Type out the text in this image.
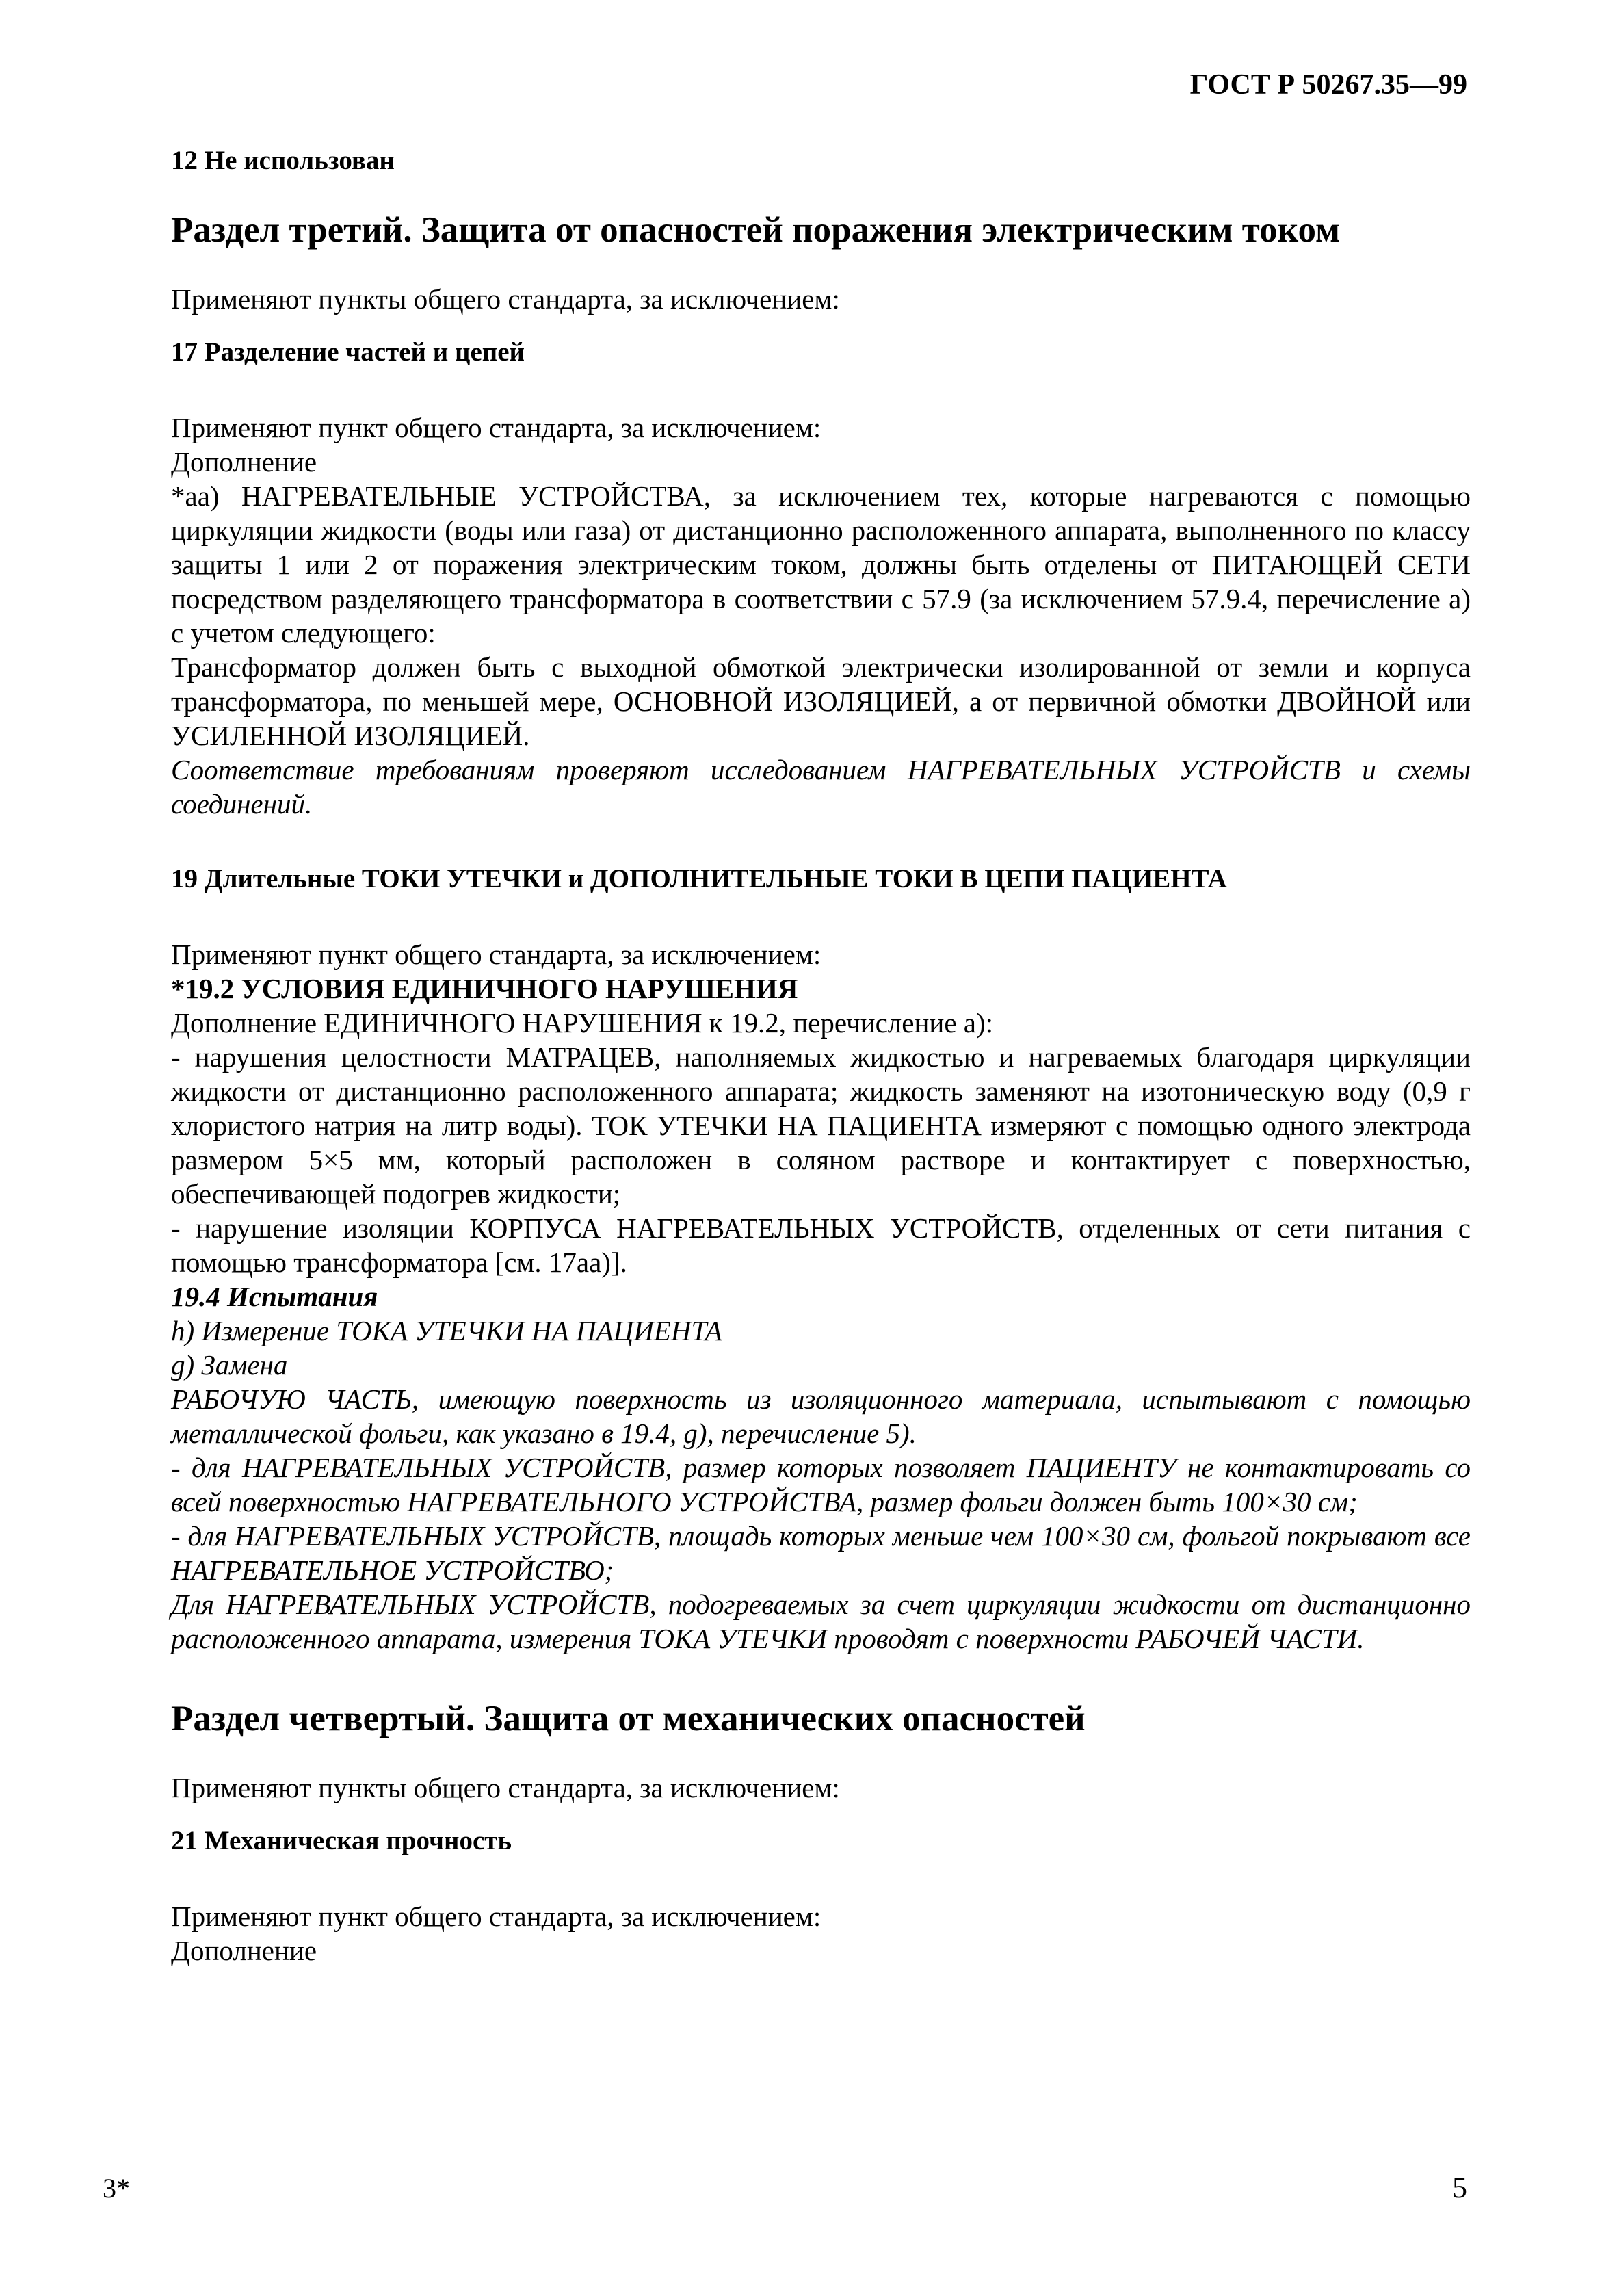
ГОСТ Р 50267.35—99
12 Не использован
Раздел третий. Защита от опасностей поражения электрическим током
Применяют пункты общего стандарта, за исключением:
17 Разделение частей и цепей
Применяют пункт общего стандарта, за исключением:
Дополнение
*аа) НАГРЕВАТЕЛЬНЫЕ УСТРОЙСТВА, за исключением тех, которые нагреваются с помощью циркуляции жидкости (воды или газа) от дистанционно расположенного аппарата, выполненного по классу защиты 1 или 2 от поражения электрическим током, должны быть отделены от ПИТАЮЩЕЙ СЕТИ посредством разделяющего трансформатора в соответствии с 57.9 (за исключением 57.9.4, перечисление а) с учетом следующего:
Трансформатор должен быть с выходной обмоткой электрически изолированной от земли и корпуса трансформатора, по меньшей мере, ОСНОВНОЙ ИЗОЛЯЦИЕЙ, а от первичной обмотки ДВОЙНОЙ или УСИЛЕННОЙ ИЗОЛЯЦИЕЙ.
Соответствие требованиям проверяют исследованием НАГРЕВАТЕЛЬНЫХ УСТРОЙСТВ и схемы соединений.
19 Длительные ТОКИ УТЕЧКИ и ДОПОЛНИТЕЛЬНЫЕ ТОКИ В ЦЕПИ ПАЦИЕНТА
Применяют пункт общего стандарта, за исключением:
*19.2 УСЛОВИЯ ЕДИНИЧНОГО НАРУШЕНИЯ
Дополнение ЕДИНИЧНОГО НАРУШЕНИЯ к 19.2, перечисление а):
- нарушения целостности МАТРАЦЕВ, наполняемых жидкостью и нагреваемых благодаря циркуляции жидкости от дистанционно расположенного аппарата; жидкость заменяют на изотоническую воду (0,9 г хлористого натрия на литр воды). ТОК УТЕЧКИ НА ПАЦИЕНТА измеряют с помощью одного электрода размером 5×5 мм, который расположен в соляном растворе и контактирует с поверхностью, обеспечивающей подогрев жидкости;
- нарушение изоляции КОРПУСА НАГРЕВАТЕЛЬНЫХ УСТРОЙСТВ, отделенных от сети питания с помощью трансформатора [см. 17аа)].
19.4 Испытания
h) Измерение ТОКА УТЕЧКИ НА ПАЦИЕНТА
g) Замена
РАБОЧУЮ ЧАСТЬ, имеющую поверхность из изоляционного материала, испытывают с помощью металлической фольги, как указано в 19.4, g), перечисление 5).
- для НАГРЕВАТЕЛЬНЫХ УСТРОЙСТВ, размер которых позволяет ПАЦИЕНТУ не контактировать со всей поверхностью НАГРЕВАТЕЛЬНОГО УСТРОЙСТВА, размер фольги должен быть 100×30 см;
- для НАГРЕВАТЕЛЬНЫХ УСТРОЙСТВ, площадь которых меньше чем 100×30 см, фольгой покрывают все НАГРЕВАТЕЛЬНОЕ УСТРОЙСТВО;
Для НАГРЕВАТЕЛЬНЫХ УСТРОЙСТВ, подогреваемых за счет циркуляции жидкости от дистанционно расположенного аппарата, измерения ТОКА УТЕЧКИ проводят с поверхности РАБОЧЕЙ ЧАСТИ.
Раздел четвертый. Защита от механических опасностей
Применяют пункты общего стандарта, за исключением:
21 Механическая прочность
Применяют пункт общего стандарта, за исключением:
Дополнение
3*	5
